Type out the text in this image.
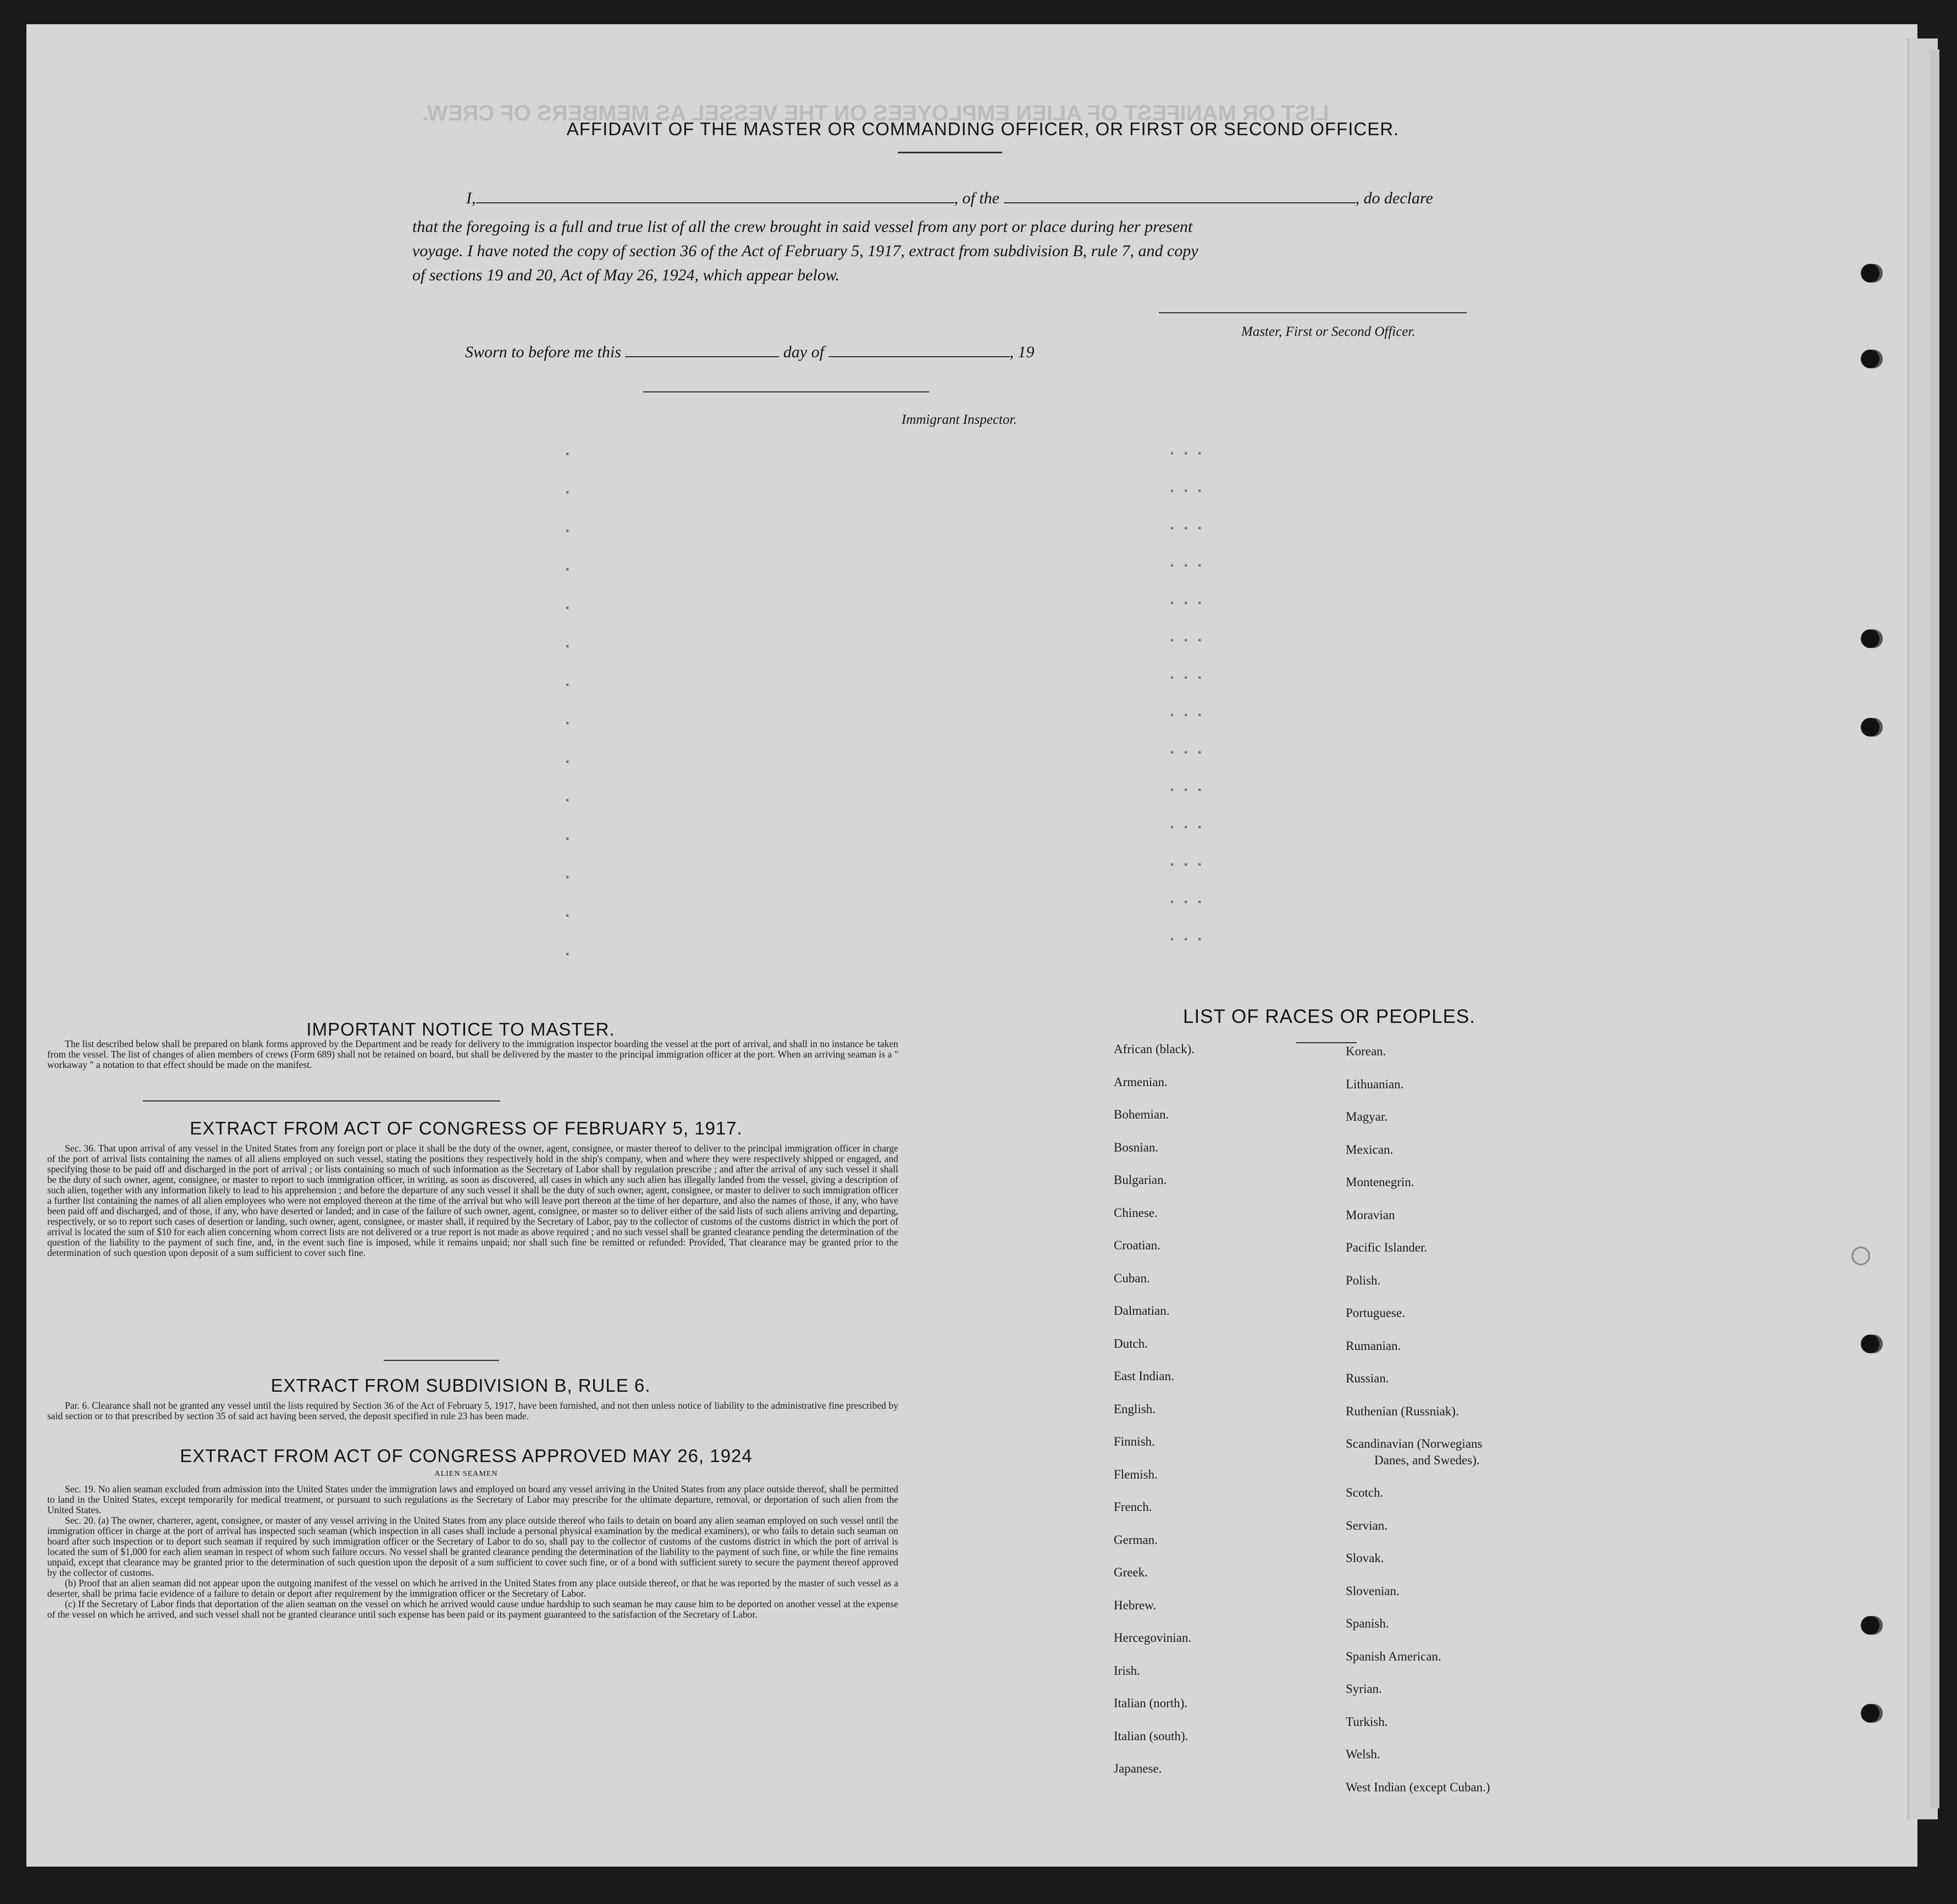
LIST OR MANIFEST OF ALIEN EMPLOYEES ON THE VESSEL AS MEMBERS OF CREW.
AFFIDAVIT OF THE MASTER OR COMMANDING OFFICER, OR FIRST OR SECOND OFFICER.
I,	, of the	, do declare
that the foregoing is a full and true list of all the crew brought in said vessel from any port or place during her present
voyage. I have noted the copy of section 36 of the Act of February 5, 1917, extract from subdivision B, rule 7, and copy
of sections 19 and 20, Act of May 26, 1924, which appear below.
Master, First or Second Officer.
Sworn to before me this	day of	, 19
Immigrant Inspector.
.
.
.
.
.
.
.
.
.
.
.
.
.
.
.  .  .
.  .  .
.  .  .
.  .  .
.  .  .
.  .  .
.  .  .
.  .  .
.  .  .
.  .  .
.  .  .
.  .  .
.  .  .
.  .  .
IMPORTANT NOTICE TO MASTER.

The list described below shall be prepared on blank forms approved by the Department and be ready for delivery to the immigration inspector boarding the vessel at the port of arrival, and shall in no instance be taken from the vessel. The list of changes of alien members of crews (Form 689) shall not be retained on board, but shall be delivered by the master to the principal immigration officer at the port. When an arriving seaman is a " workaway " a notation to that effect should be made on the manifest.

EXTRACT FROM ACT OF CONGRESS OF FEBRUARY 5, 1917.

Sec. 36. That upon arrival of any vessel in the United States from any foreign port or place it shall be the duty of the owner, agent, consignee, or master thereof to deliver to the principal immigration officer in charge of the port of arrival lists containing the names of all aliens employed on such vessel, stating the positions they respectively hold in the ship's company, when and where they were respectively shipped or engaged, and specifying those to be paid off and discharged in the port of arrival ; or lists containing so much of such information as the Secretary of Labor shall by regulation prescribe ; and after the arrival of any such vessel it shall be the duty of such owner, agent, consignee, or master to report to such immigration officer, in writing, as soon as discovered, all cases in which any such alien has illegally landed from the vessel, giving a description of such alien, together with any information likely to lead to his apprehension ; and before the departure of any such vessel it shall be the duty of such owner, agent, consignee, or master to deliver to such immigration officer a further list containing the names of all alien employees who were not employed thereon at the time of the arrival but who will leave port thereon at the time of her departure, and also the names of those, if any, who have been paid off and discharged, and of those, if any, who have deserted or landed; and in case of the failure of such owner, agent, consignee, or master so to deliver either of the said lists of such aliens arriving and departing, respectively, or so to report such cases of desertion or landing, such owner, agent, consignee, or master shall, if required by the Secretary of Labor, pay to the collector of customs of the customs district in which the port of arrival is located the sum of $10 for each alien concerning whom correct lists are not delivered or a true report is not made as above required ; and no such vessel shall be granted clearance pending the determination of the question of the liability to the payment of such fine, and, in the event such fine is imposed, while it remains unpaid; nor shall such fine be remitted or refunded: Provided, That clearance may be granted prior to the determination of such question upon deposit of a sum sufficient to cover such fine.

EXTRACT FROM SUBDIVISION B, RULE 6.

Par. 6. Clearance shall not be granted any vessel until the lists required by Section 36 of the Act of February 5, 1917, have been furnished, and not then unless notice of liability to the administrative fine prescribed by said section or to that prescribed by section 35 of said act having been served, the deposit specified in rule 23 has been made.

EXTRACT FROM ACT OF CONGRESS APPROVED MAY 26, 1924
ALIEN SEAMEN

Sec. 19. No alien seaman excluded from admission into the United States under the immigration laws and employed on board any vessel arriving in the United States from any place outside thereof, shall be permitted to land in the United States, except temporarily for medical treatment, or pursuant to such regulations as the Secretary of Labor may prescribe for the ultimate departure, removal, or deportation of such alien from the United States.

Sec. 20. (a) The owner, charterer, agent, consignee, or master of any vessel arriving in the United States from any place outside thereof who fails to detain on board any alien seaman employed on such vessel until the immigration officer in charge at the port of arrival has inspected such seaman (which inspection in all cases shall include a personal physical examination by the medical examiners), or who fails to detain such seaman on board after such inspection or to deport such seaman if required by such immigration officer or the Secretary of Labor to do so, shall pay to the collector of customs of the customs district in which the port of arrival is located the sum of $1,000 for each alien seaman in respect of whom such failure occurs. No vessel shall be granted clearance pending the determination of the liability to the payment of such fine, or while the fine remains unpaid, except that clearance may be granted prior to the determination of such question upon the deposit of a sum sufficient to cover such fine, or of a bond with sufficient surety to secure the payment thereof approved by the collector of customs.

(b) Proof that an alien seaman did not appear upon the outgoing manifest of the vessel on which he arrived in the United States from any place outside thereof, or that he was reported by the master of such vessel as a deserter, shall be prima facie evidence of a failure to detain or deport after requirement by the immigration officer or the Secretary of Labor.

(c) If the Secretary of Labor finds that deportation of the alien seaman on the vessel on which he arrived would cause undue hardship to such seaman he may cause him to be deported on another vessel at the expense of the vessel on which he arrived, and such vessel shall not be granted clearance until such expense has been paid or its payment guaranteed to the satisfaction of the Secretary of Labor.

LIST OF RACES OR PEOPLES.
African (black).
Armenian.
Bohemian.
Bosnian.
Bulgarian.
Chinese.
Croatian.
Cuban.
Dalmatian.
Dutch.
East Indian.
English.
Finnish.
Flemish.
French.
German.
Greek.
Hebrew.
Hercegovinian.
Irish.
Italian (north).
Italian (south).
Japanese.
Korean.
Lithuanian.
Magyar.
Mexican.
Montenegrin.
Moravian
Pacific Islander.
Polish.
Portuguese.
Rumanian.
Russian.
Ruthenian (Russniak).
Scandinavian (Norwegians
Danes, and Swedes).
Scotch.
Servian.
Slovak.
Slovenian.
Spanish.
Spanish American.
Syrian.
Turkish.
Welsh.
West Indian (except Cuban.)
